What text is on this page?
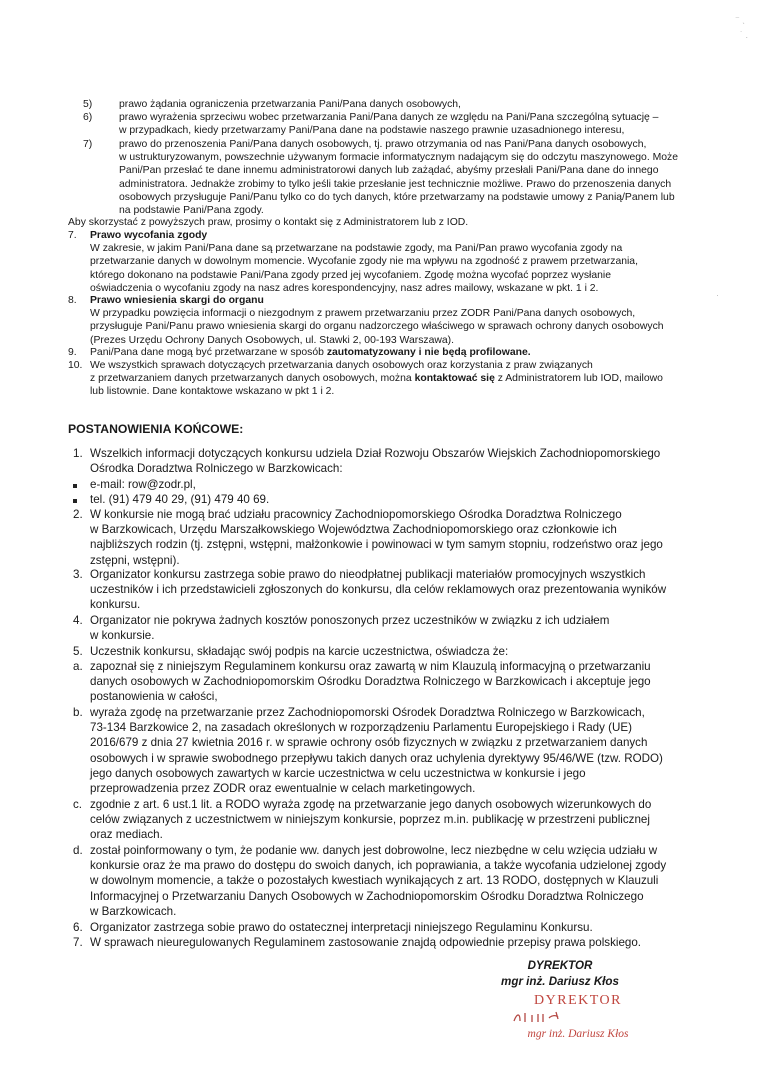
5)	prawo żądania ograniczenia przetwarzania Pani/Pana danych osobowych,
6)	prawo wyrażenia sprzeciwu wobec przetwarzania Pani/Pana danych ze względu na Pani/Pana szczególną sytuację –
w przypadkach, kiedy przetwarzamy Pani/Pana dane na podstawie naszego prawnie uzasadnionego interesu,
7)	prawo do przenoszenia Pani/Pana danych osobowych, tj. prawo otrzymania od nas Pani/Pana danych osobowych,
w ustrukturyzowanym, powszechnie używanym formacie informatycznym nadającym się do odczytu maszynowego. Może
Pani/Pan przesłać te dane innemu administratorowi danych lub zażądać, abyśmy przesłali Pani/Pana dane do innego
administratora. Jednakże zrobimy to tylko jeśli takie przesłanie jest technicznie możliwe. Prawo do przenoszenia danych
osobowych przysługuje Pani/Panu tylko co do tych danych, które przetwarzamy na podstawie umowy z Panią/Panem lub
na podstawie Pani/Pana zgody.
Aby skorzystać z powyższych praw, prosimy o kontakt się z Administratorem lub z IOD.
7.	Prawo wycofania zgody
W zakresie, w jakim Pani/Pana dane są przetwarzane na podstawie zgody, ma Pani/Pan prawo wycofania zgody na
przetwarzanie danych w dowolnym momencie. Wycofanie zgody nie ma wpływu na zgodność z prawem przetwarzania,
którego dokonano na podstawie Pani/Pana zgody przed jej wycofaniem. Zgodę można wycofać poprzez wysłanie
oświadczenia o wycofaniu zgody na nasz adres korespondencyjny, nasz adres mailowy, wskazane w pkt. 1 i 2.
8.	Prawo wniesienia skargi do organu
W przypadku powzięcia informacji o niezgodnym z prawem przetwarzaniu przez ZODR Pani/Pana danych osobowych,
przysługuje Pani/Panu prawo wniesienia skargi do organu nadzorczego właściwego w sprawach ochrony danych osobowych
(Prezes Urzędu Ochrony Danych Osobowych, ul. Stawki 2, 00-193 Warszawa).
9.	Pani/Pana dane mogą być przetwarzane w sposób zautomatyzowany i nie będą profilowane.
10. We wszystkich sprawach dotyczących przetwarzania danych osobowych oraz korzystania z praw związanych
z przetwarzaniem danych przetwarzanych danych osobowych, można kontaktować się z Administratorem lub IOD, mailowo
lub listownie. Dane kontaktowe wskazano w pkt 1 i 2.
POSTANOWIENIA KOŃCOWE:
1. Wszelkich informacji dotyczących konkursu udziela Dział Rozwoju Obszarów Wiejskich Zachodniopomorskiego
Ośrodka Doradztwa Rolniczego w Barzkowicach:
e-mail: row@zodr.pl,
tel. (91) 479 40 29, (91) 479 40 69.
2. W konkursie nie mogą brać udziału pracownicy Zachodniopomorskiego Ośrodka Doradztwa Rolniczego
w Barzkowicach, Urzędu Marszałkowskiego Województwa Zachodniopomorskiego oraz członkowie ich
najbliższych rodzin (tj. zstępni, wstępni, małżonkowie i powinowaci w tym samym stopniu, rodzeństwo oraz jego
zstępni, wstępni).
3. Organizator konkursu zastrzega sobie prawo do nieodpłatnej publikacji materiałów promocyjnych wszystkich
uczestników i ich przedstawicieli zgłoszonych do konkursu, dla celów reklamowych oraz prezentowania wyników
konkursu.
4. Organizator nie pokrywa żadnych kosztów ponoszonych przez uczestników w związku z ich udziałem
w konkursie.
5. Uczestnik konkursu, składając swój podpis na karcie uczestnictwa, oświadcza że:
a. zapoznał się z niniejszym Regulaminem konkursu oraz zawartą w nim Klauzulą informacyjną o przetwarzaniu
danych osobowych w Zachodniopomorskim Ośrodku Doradztwa Rolniczego w Barzkowicach i akceptuje jego
postanowienia w całości,
b. wyraża zgodę na przetwarzanie przez Zachodniopomorski Ośrodek Doradztwa Rolniczego w Barzkowicach,
73-134 Barzkowice 2, na zasadach określonych w rozporządzeniu Parlamentu Europejskiego i Rady (UE)
2016/679 z dnia 27 kwietnia 2016 r. w sprawie ochrony osób fizycznych w związku z przetwarzaniem danych
osobowych i w sprawie swobodnego przepływu takich danych oraz uchylenia dyrektywy 95/46/WE (tzw. RODO)
jego danych osobowych zawartych w karcie uczestnictwa w celu uczestnictwa w konkursie i jego
przeprowadzenia przez ZODR oraz ewentualnie w celach marketingowych.
c. zgodnie z art. 6 ust.1 lit. a RODO wyraża zgodę na przetwarzanie jego danych osobowych wizerunkowych do
celów związanych z uczestnictwem w niniejszym konkursie, poprzez m.in. publikację w przestrzeni publicznej
oraz mediach.
d. został poinformowany o tym, że podanie ww. danych jest dobrowolne, lecz niezbędne w celu wzięcia udziału w
konkursie oraz że ma prawo do dostępu do swoich danych, ich poprawiania, a także wycofania udzielonej zgody
w dowolnym momencie, a także o pozostałych kwestiach wynikających z art. 13 RODO, dostępnych w Klauzuli
Informacyjnej o Przetwarzaniu Danych Osobowych w Zachodniopomorskim Ośrodku Doradztwa Rolniczego
w Barzkowicach.
6. Organizator zastrzega sobie prawo do ostatecznej interpretacji niniejszego Regulaminu Konkursu.
7. W sprawach nieuregulowanych Regulaminem zastosowanie znajdą odpowiednie przepisy prawa polskiego.
DYREKTOR
mgr inż. Dariusz Kłos
DYREKTOR
mgr inż. Dariusz Kłos
⁻ ˎ
˙ .
·
